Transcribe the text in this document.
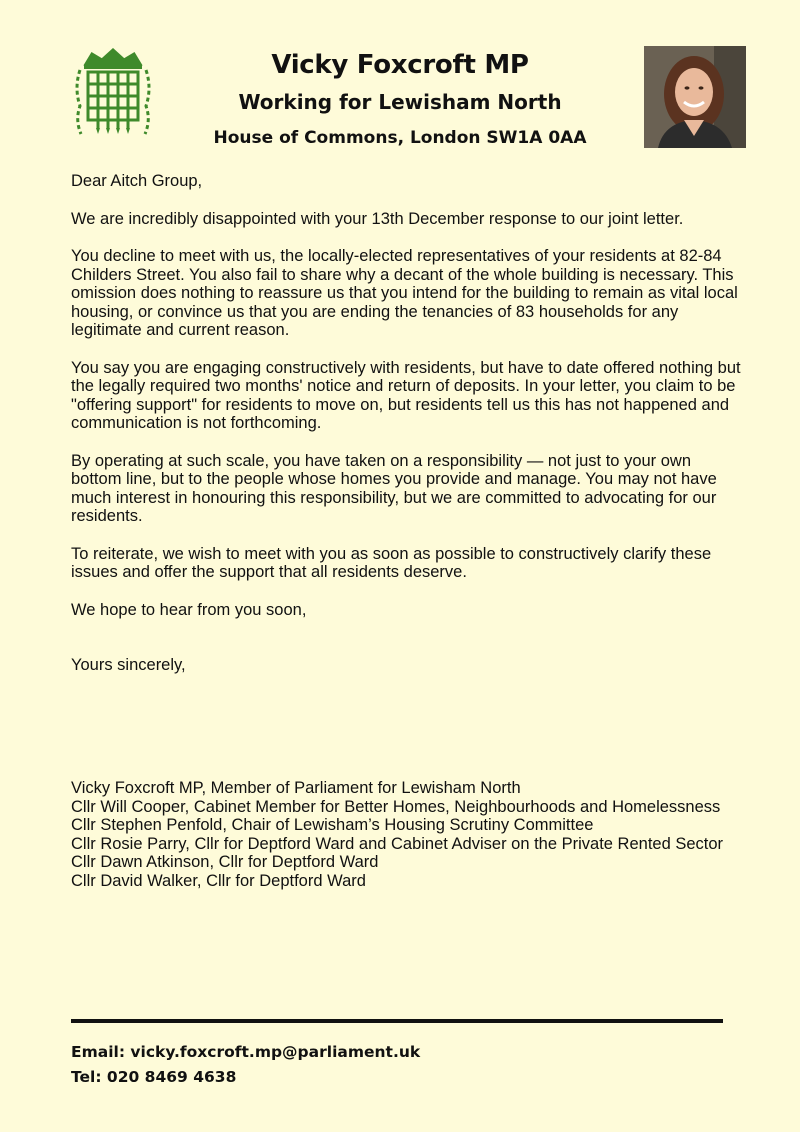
Vicky Foxcroft MP

Working for Lewisham North

House of Commons, London SW1A 0AA

Dear Aitch Group,

We are incredibly disappointed with your 13th December response to our joint letter.

You decline to meet with us, the locally-elected representatives of your residents at 82-84 Childers Street. You also fail to share why a decant of the whole building is necessary. This omission does nothing to reassure us that you intend for the building to remain as vital local housing, or convince us that you are ending the tenancies of 83 households for any legitimate and current reason.

You say you are engaging constructively with residents, but have to date offered nothing but the legally required two months' notice and return of deposits. In your letter, you claim to be "offering support" for residents to move on, but residents tell us this has not happened and communication is not forthcoming.

By operating at such scale, you have taken on a responsibility — not just to your own bottom line, but to the people whose homes you provide and manage. You may not have much interest in honouring this responsibility, but we are committed to advocating for our residents.

To reiterate, we wish to meet with you as soon as possible to constructively clarify these issues and offer the support that all residents deserve.

We hope to hear from you soon,

Yours sincerely,

Vicky Foxcroft MP, Member of Parliament for Lewisham North
Cllr Will Cooper, Cabinet Member for Better Homes, Neighbourhoods and Homelessness
Cllr Stephen Penfold, Chair of Lewisham’s Housing Scrutiny Committee
Cllr Rosie Parry, Cllr for Deptford Ward and Cabinet Adviser on the Private Rented Sector
Cllr Dawn Atkinson, Cllr for Deptford Ward
Cllr David Walker, Cllr for Deptford Ward
Email: vicky.foxcroft.mp@parliament.uk
Tel: 020 8469 4638
